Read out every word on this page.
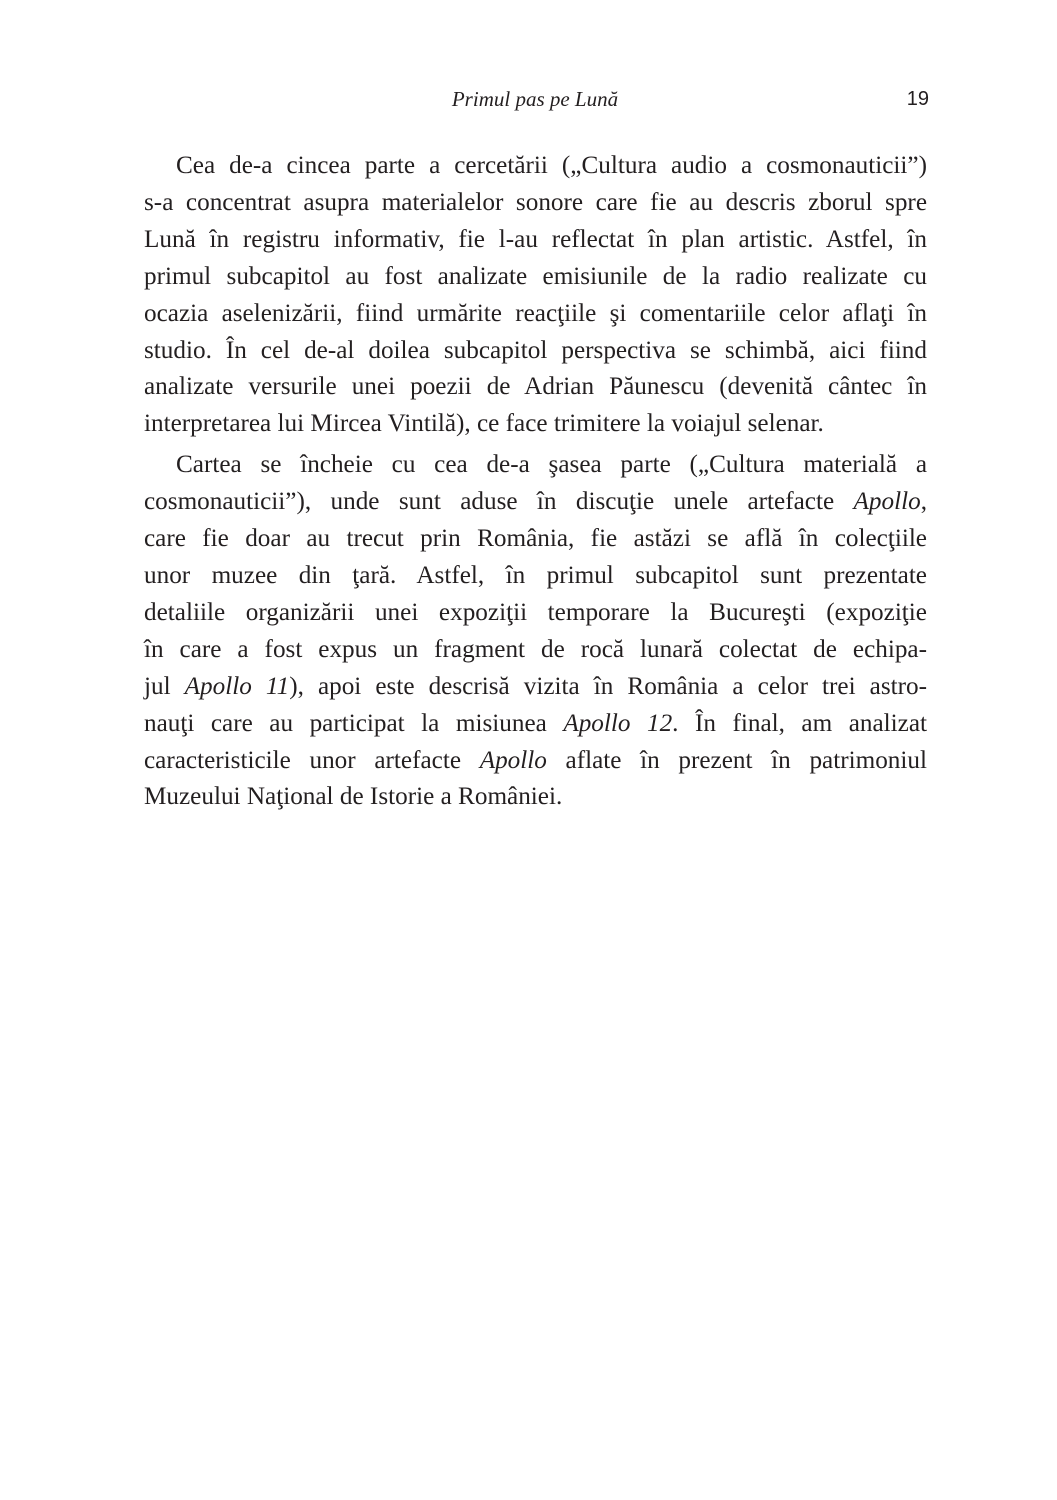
Primul pas pe Lună	19
Cea de-a cincea parte a cercetării („Cultura audio a cosmonauticii”)
s-a concentrat asupra materialelor sonore care fie au descris zborul spre
Lună în registru informativ, fie l-au reflectat în plan artistic. Astfel, în
primul subcapitol au fost analizate emisiunile de la radio realizate cu
ocazia aselenizării, fiind urmărite reacţiile şi comentariile celor aflaţi în
studio. În cel de-al doilea subcapitol perspectiva se schimbă, aici fiind
analizate versurile unei poezii de Adrian Păunescu (devenită cântec în
interpretarea lui Mircea Vintilă), ce face trimitere la voiajul selenar.
Cartea se încheie cu cea de-a şasea parte („Cultura materială a
cosmonauticii”), unde sunt aduse în discuţie unele artefacte Apollo,
care fie doar au trecut prin România, fie astăzi se află în colecţiile
unor muzee din ţară. Astfel, în primul subcapitol sunt prezentate
detaliile organizării unei expoziţii temporare la Bucureşti (expoziţie
în care a fost expus un fragment de rocă lunară colectat de echipa-
jul Apollo 11), apoi este descrisă vizita în România a celor trei astro-
nauţi care au participat la misiunea Apollo 12. În final, am analizat
caracteristicile unor artefacte Apollo aflate în prezent în patrimoniul
Muzeului Naţional de Istorie a României.
